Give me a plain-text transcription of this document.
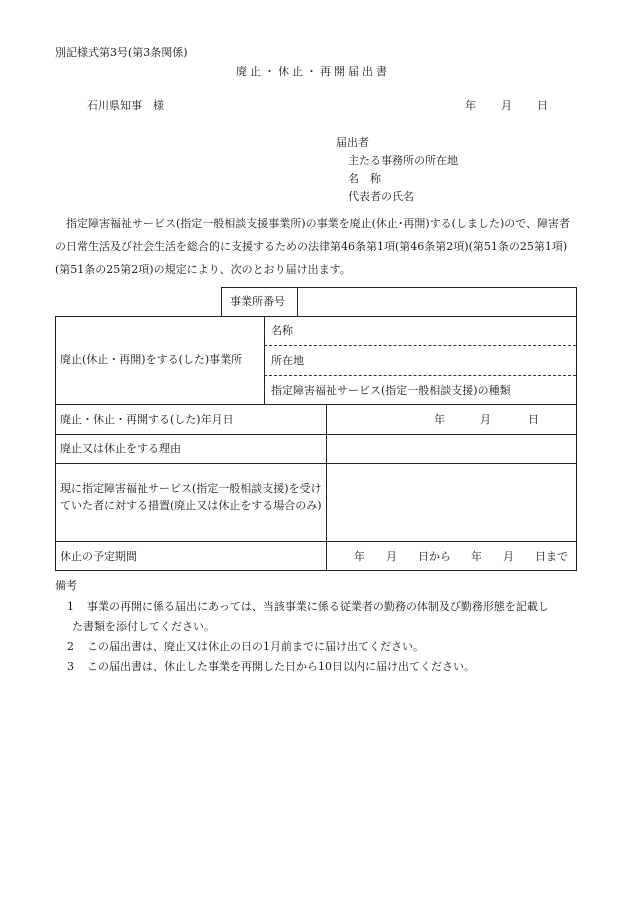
別記様式第3号(第3条関係)
廃止・休止・再開届出書
石川県知事　様	年 月 日
届出者
主たる事務所の所在地
名　称
代表者の氏名
指定障害福祉サービス(指定一般相談支援事業所)の事業を廃止(休止･再開)する(しました)ので、障害者の日常生活及び社会生活を総合的に支援するための法律第46条第1項(第46条第2項)(第51条の25第1項)(第51条の25第2項)の規定により、次のとおり届け出ます。
事業所番号
廃止(休止・再開)をする(した)事業所
名称
所在地
指定障害福祉サービス(指定一般相談支援)の種類
廃止・休止・再開する(した)年月日	年	月	日
廃止又は休止をする理由
現に指定障害福祉サービス(指定一般相談支援)を受けていた者に対する措置(廃止又は休止をする場合のみ)
休止の予定期間	年 月 日から 年 月 日まで
備考
1 事業の再開に係る届出にあっては、当該事業に係る従業者の勤務の体制及び勤務形態を記載し
た書類を添付してください。
2 この届出書は、廃止又は休止の日の1月前までに届け出てください。
3 この届出書は、休止した事業を再開した日から10日以内に届け出てください。
